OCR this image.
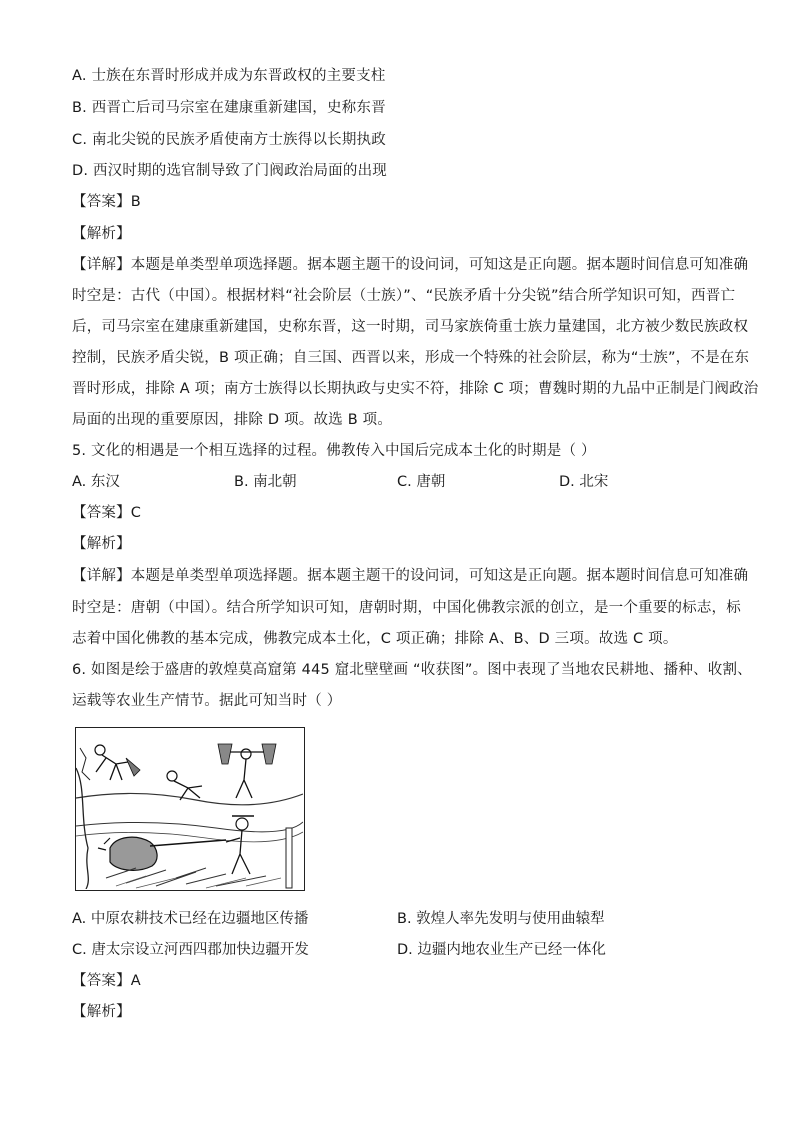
A. 士族在东晋时形成并成为东晋政权的主要支柱
B. 西晋亡后司马宗室在建康重新建国，史称东晋
C. 南北尖锐的民族矛盾使南方士族得以长期执政
D. 西汉时期的选官制导致了门阀政治局面的出现
【答案】B
【解析】
【详解】本题是单类型单项选择题。据本题主题干的设问词，可知这是正向题。据本题时间信息可知准确
时空是：古代（中国）。根据材料“社会阶层（士族）”、“民族矛盾十分尖锐”结合所学知识可知，西晋亡
后，司马宗室在建康重新建国，史称东晋，这一时期，司马家族倚重士族力量建国，北方被少数民族政权
控制，民族矛盾尖锐，B 项正确；自三国、西晋以来，形成一个特殊的社会阶层，称为“士族”，不是在东
晋时形成，排除 A 项；南方士族得以长期执政与史实不符，排除 C 项；曹魏时期的九品中正制是门阀政治
局面的出现的重要原因，排除 D 项。故选 B 项。
5. 文化的相遇是一个相互选择的过程。佛教传入中国后完成本土化的时期是（ ）
A. 东汉	B. 南北朝	C. 唐朝	D. 北宋
【答案】C
【解析】
【详解】本题是单类型单项选择题。据本题主题干的设问词，可知这是正向题。据本题时间信息可知准确
时空是：唐朝（中国）。结合所学知识可知，唐朝时期，中国化佛教宗派的创立，是一个重要的标志，标
志着中国化佛教的基本完成，佛教完成本土化，C 项正确；排除 A、B、D 三项。故选 C 项。
6. 如图是绘于盛唐的敦煌莫高窟第 445 窟北壁壁画 “收获图”。图中表现了当地农民耕地、播种、收割、
运载等农业生产情节。据此可知当时（ ）
A. 中原农耕技术已经在边疆地区传播	B. 敦煌人率先发明与使用曲辕犁
C. 唐太宗设立河西四郡加快边疆开发	D. 边疆内地农业生产已经一体化
【答案】A
【解析】
